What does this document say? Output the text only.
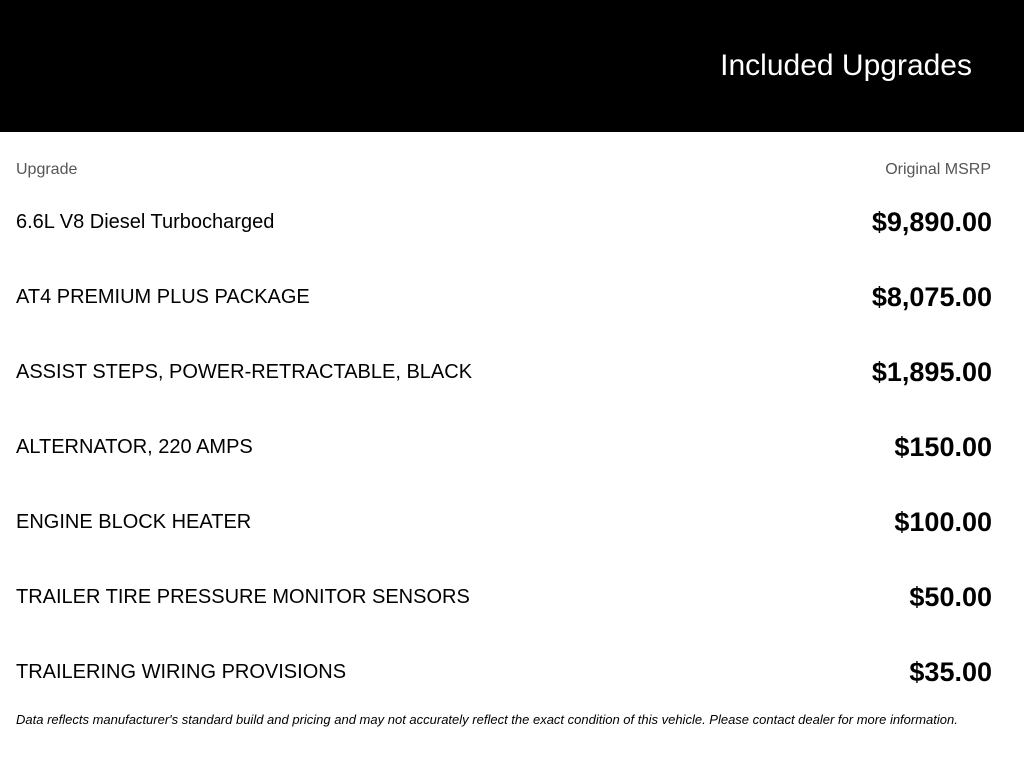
Included Upgrades
Upgrade	Original MSRP
6.6L V8 Diesel Turbocharged	$9,890.00
AT4 PREMIUM PLUS PACKAGE	$8,075.00
ASSIST STEPS, POWER-RETRACTABLE, BLACK	$1,895.00
ALTERNATOR, 220 AMPS	$150.00
ENGINE BLOCK HEATER	$100.00
TRAILER TIRE PRESSURE MONITOR SENSORS	$50.00
TRAILERING WIRING PROVISIONS	$35.00

Data reflects manufacturer's standard build and pricing and may not accurately reflect the exact condition of this vehicle. Please contact dealer for more information.
